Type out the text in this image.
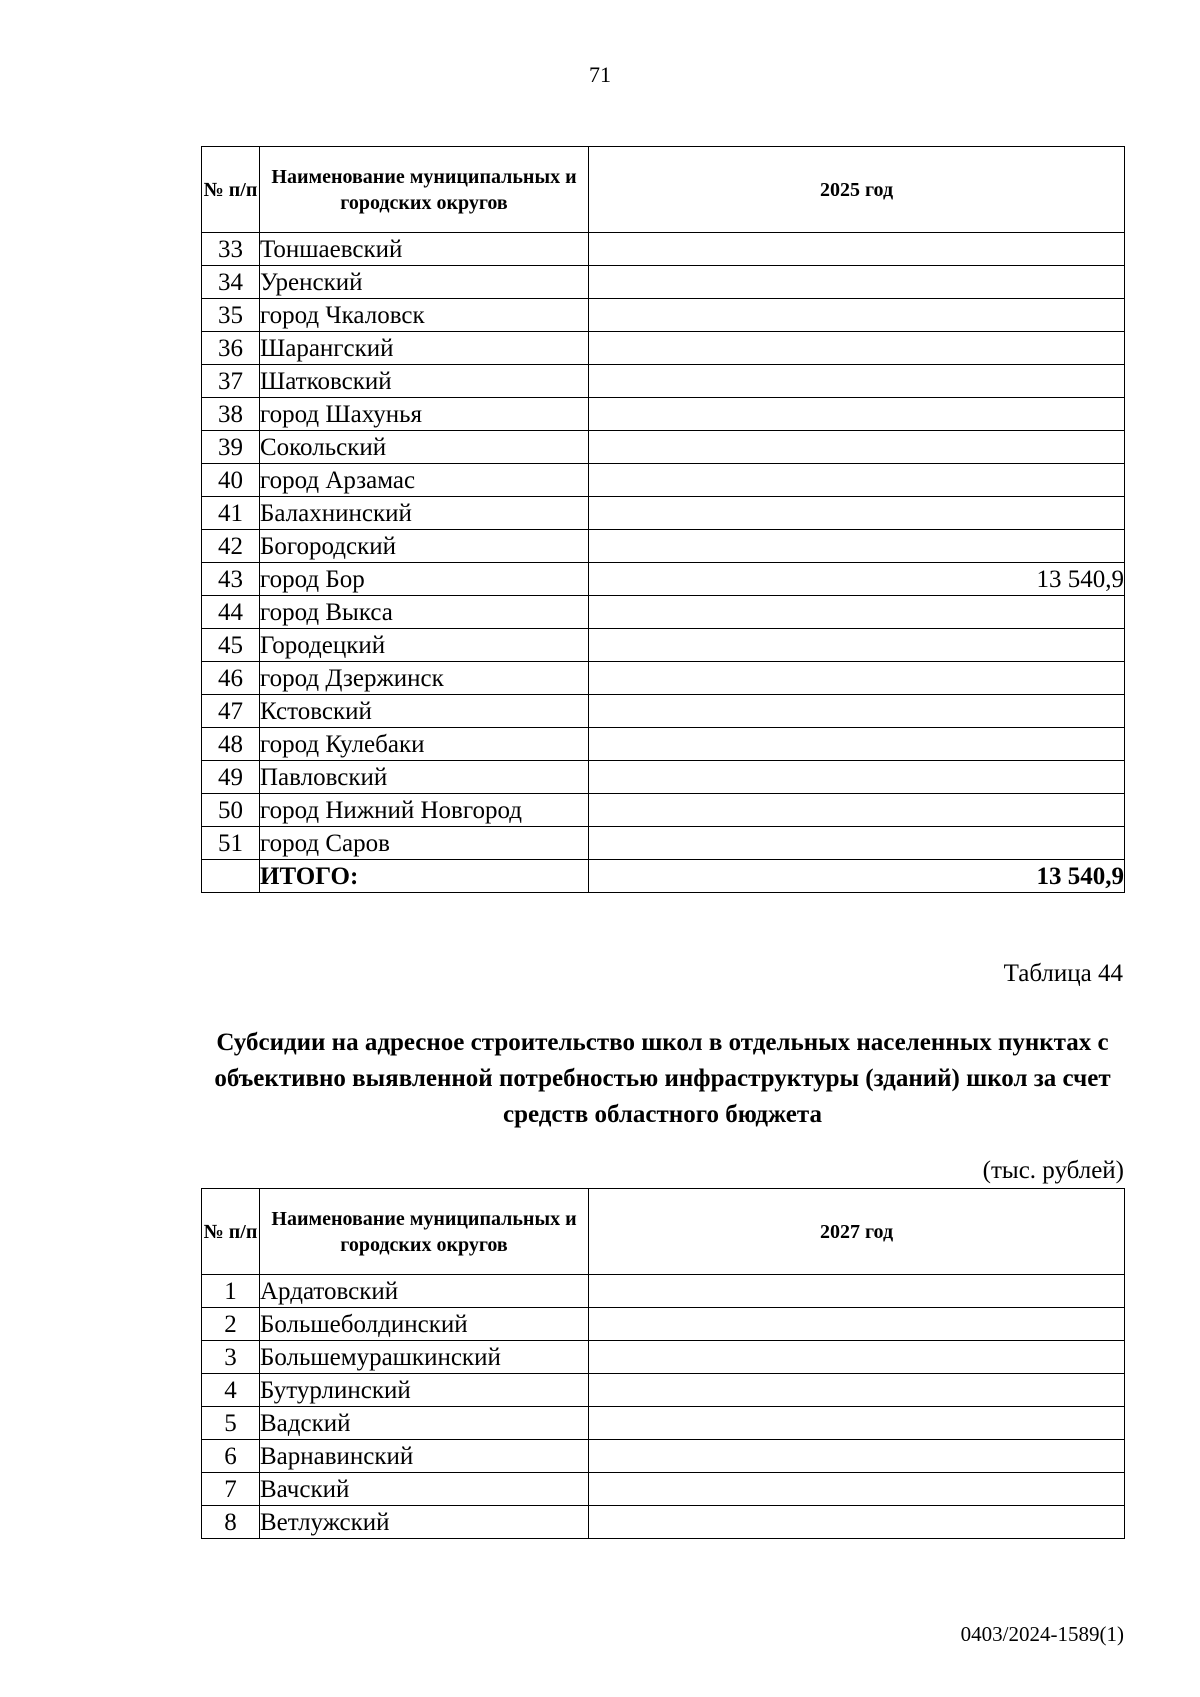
71
№ п/п	Наименование муниципальных и городских округов	2025 год
33	Тоншаевский	
34	Уренский	
35	город Чкаловск	
36	Шарангский	
37	Шатковский	
38	город Шахунья	
39	Сокольский	
40	город Арзамас	
41	Балахнинский	
42	Богородский	
43	город Бор	13 540,9
44	город Выкса	
45	Городецкий	
46	город Дзержинск	
47	Кстовский	
48	город Кулебаки	
49	Павловский	
50	город Нижний Новгород	
51	город Саров	
	ИТОГО:	13 540,9
Таблица 44
Субсидии на адресное строительство школ в отдельных населенных пунктах с объективно выявленной потребностью инфраструктуры (зданий) школ за счет средств областного бюджета
(тыс. рублей)
№ п/п	Наименование муниципальных и городских округов	2027 год
1	Ардатовский	
2	Большеболдинский	
3	Большемурашкинский	
4	Бутурлинский	
5	Вадский	
6	Варнавинский	
7	Вачский	
8	Ветлужский	
0403/2024-1589(1)
